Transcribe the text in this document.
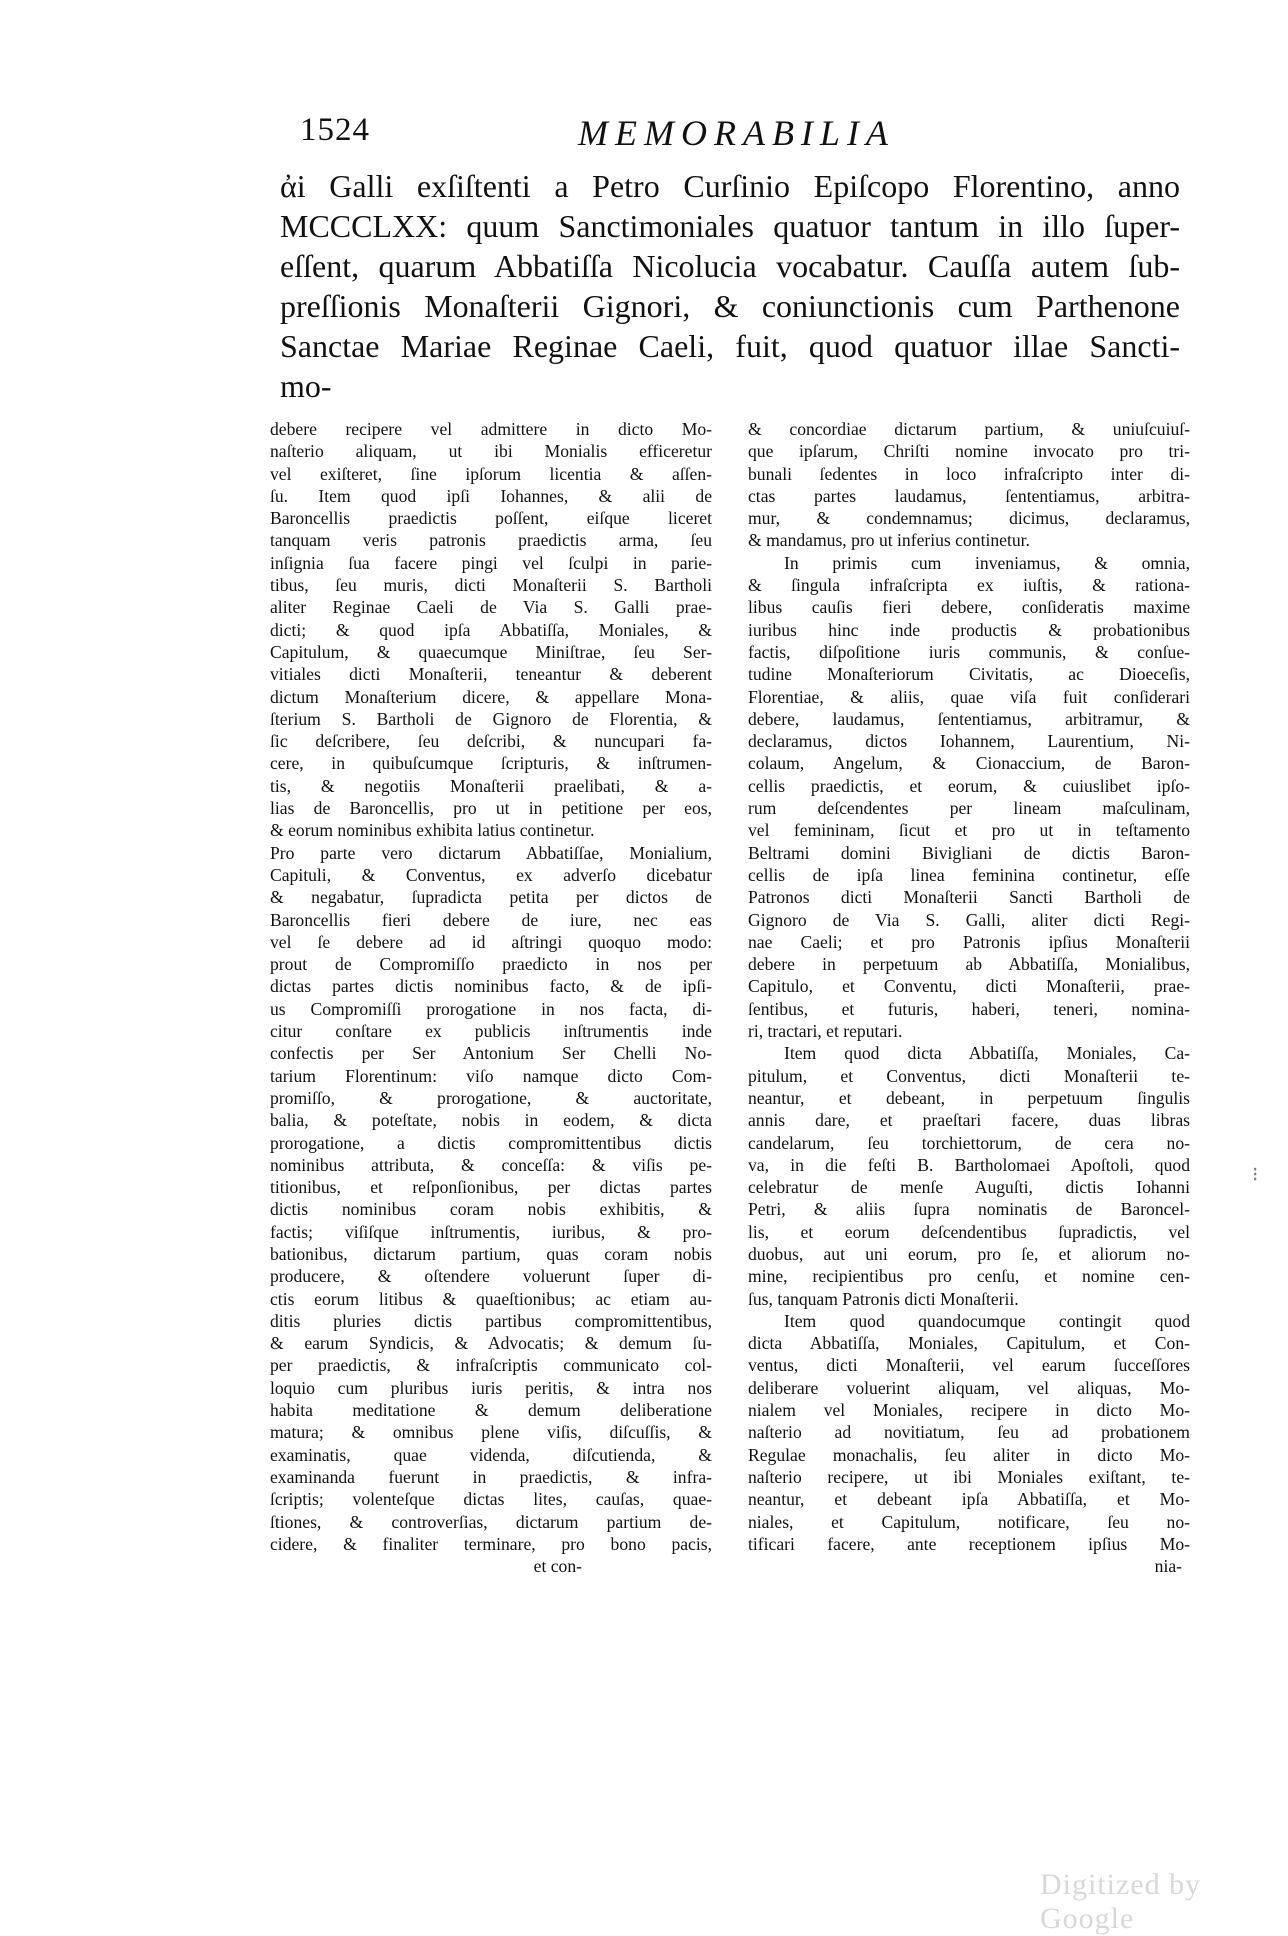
1524	MEMORABILIA
ἀi Galli exſiſtenti a Petro Curſinio Epiſcopo Florentino, anno
MCCCLXX: quum Sanctimoniales quatuor tantum in illo ſuper-
eſſent, quarum Abbatiſſa Nicolucia vocabatur. Cauſſa autem ſub-
preſſionis Monaſterii Gignori, & coniunctionis cum Parthenone
Sanctae Mariae Reginae Caeli, fuit, quod quatuor illae Sancti-
mo-
debere recipere vel admittere in dicto Mo-
naſterio aliquam, ut ibi Monialis efficeretur
vel exiſteret, ſine ipſorum licentia & aſſen-
ſu. Item quod ipſi Iohannes, & alii de
Baroncellis praedictis poſſent, eiſque liceret
tanquam veris patronis praedictis arma, ſeu
inſignia ſua facere pingi vel ſculpi in parie-
tibus, ſeu muris, dicti Monaſterii S. Bartholi
aliter Reginae Caeli de Via S. Galli prae-
dicti; & quod ipſa Abbatiſſa, Moniales, &
Capitulum, & quaecumque Miniſtrae, ſeu Ser-
vitiales dicti Monaſterii, teneantur & deberent
dictum Monaſterium dicere, & appellare Mona-
ſterium S. Bartholi de Gignoro de Florentia, &
ſic deſcribere, ſeu deſcribi, & nuncupari fa-
cere, in quibuſcumque ſcripturis, & inſtrumen-
tis, & negotiis Monaſterii praelibati, & a-
lias de Baroncellis, pro ut in petitione per eos,
& eorum nominibus exhibita latius continetur.
Pro parte vero dictarum Abbatiſſae, Monialium,
Capituli, & Conventus, ex adverſo dicebatur
& negabatur, ſupradicta petita per dictos de
Baroncellis fieri debere de iure, nec eas
vel ſe debere ad id aſtringi quoquo modo:
prout de Compromiſſo praedicto in nos per
dictas partes dictis nominibus facto, & de ipſi-
us Compromiſſi prorogatione in nos facta, di-
citur conſtare ex publicis inſtrumentis inde
confectis per Ser Antonium Ser Chelli No-
tarium Florentinum: viſo namque dicto Com-
promiſſo, & prorogatione, & auctoritate,
balia, & poteſtate, nobis in eodem, & dicta
prorogatione, a dictis compromittentibus dictis
nominibus attributa, & conceſſa: & viſis pe-
titionibus, et reſponſionibus, per dictas partes
dictis nominibus coram nobis exhibitis, &
factis; viſiſque inſtrumentis, iuribus, & pro-
bationibus, dictarum partium, quas coram nobis
producere, & oſtendere voluerunt ſuper di-
ctis eorum litibus & quaeſtionibus; ac etiam au-
ditis pluries dictis partibus compromittentibus,
& earum Syndicis, & Advocatis; & demum ſu-
per praedictis, & infraſcriptis communicato col-
loquio cum pluribus iuris peritis, & intra nos
habita meditatione & demum deliberatione
matura; & omnibus plene viſis, diſcuſſis, &
examinatis, quae videnda, diſcutienda, &
examinanda fuerunt in praedictis, & infra-
ſcriptis; volenteſque dictas lites, cauſas, quae-
ſtiones, & controverſias, dictarum partium de-
cidere, & finaliter terminare, pro bono pacis,
et con-
& concordiae dictarum partium, & uniuſcuiuſ-
que ipſarum, Chriſti nomine invocato pro tri-
bunali ſedentes in loco infraſcripto inter di-
ctas partes laudamus, ſententiamus, arbitra-
mur, & condemnamus; dicimus, declaramus,
& mandamus, pro ut inferius continetur.
In primis cum inveniamus, & omnia,
& ſingula infraſcripta ex iuſtis, & rationa-
libus cauſis fieri debere, conſideratis maxime
iuribus hinc inde productis & probationibus
factis, diſpoſitione iuris communis, & conſue-
tudine Monaſteriorum Civitatis, ac Dioeceſis,
Florentiae, & aliis, quae viſa fuit conſiderari
debere, laudamus, ſententiamus, arbitramur, &
declaramus, dictos Iohannem, Laurentium, Ni-
colaum, Angelum, & Cionaccium, de Baron-
cellis praedictis, et eorum, & cuiuslibet ipſo-
rum deſcendentes per lineam maſculinam,
vel femininam, ſicut et pro ut in teſtamento
Beltrami domini Bivigliani de dictis Baron-
cellis de ipſa linea feminina continetur, eſſe
Patronos dicti Monaſterii Sancti Bartholi de
Gignoro de Via S. Galli, aliter dicti Regi-
nae Caeli; et pro Patronis ipſius Monaſterii
debere in perpetuum ab Abbatiſſa, Monialibus,
Capitulo, et Conventu, dicti Monaſterii, prae-
ſentibus, et futuris, haberi, teneri, nomina-
ri, tractari, et reputari.
Item quod dicta Abbatiſſa, Moniales, Ca-
pitulum, et Conventus, dicti Monaſterii te-
neantur, et debeant, in perpetuum ſingulis
annis dare, et praeſtari facere, duas libras
candelarum, ſeu torchiettorum, de cera no-
va, in die feſti B. Bartholomaei Apoſtoli, quod
celebratur de menſe Auguſti, dictis Iohanni
Petri, & aliis ſupra nominatis de Baroncel-
lis, et eorum deſcendentibus ſupradictis, vel
duobus, aut uni eorum, pro ſe, et aliorum no-
mine, recipientibus pro cenſu, et nomine cen-
ſus, tanquam Patronis dicti Monaſterii.
Item quod quandocumque contingit quod
dicta Abbatiſſa, Moniales, Capitulum, et Con-
ventus, dicti Monaſterii, vel earum ſucceſſores
deliberare voluerint aliquam, vel aliquas, Mo-
nialem vel Moniales, recipere in dicto Mo-
naſterio ad novitiatum, ſeu ad probationem
Regulae monachalis, ſeu aliter in dicto Mo-
naſterio recipere, ut ibi Moniales exiſtant, te-
neantur, et debeant ipſa Abbatiſſa, et Mo-
niales, et Capitulum, notificare, ſeu no-
tificari facere, ante receptionem ipſius Mo-
nia-
⁝
Digitized by Google
